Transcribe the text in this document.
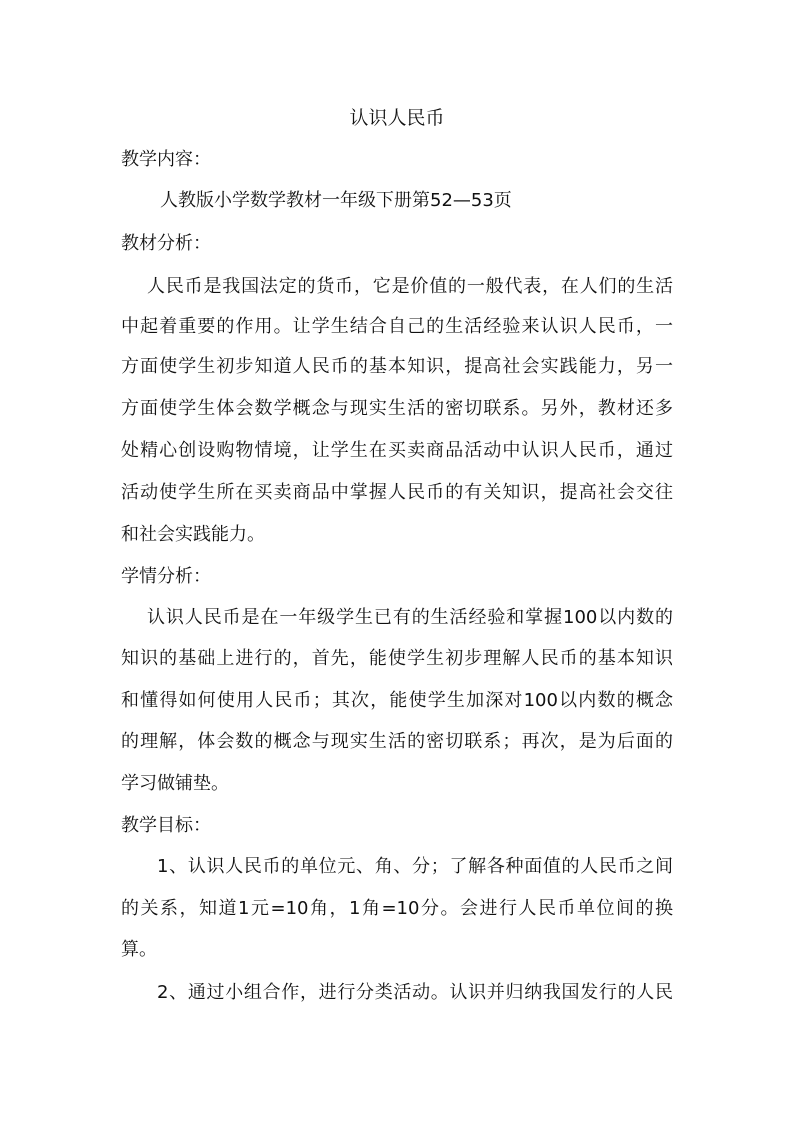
认识人民币
教学内容：
人教版小学数学教材一年级下册第52—53页
教材分析：
人民币是我国法定的货币，它是价值的一般代表，在人们的生活
中起着重要的作用。让学生结合自己的生活经验来认识人民币，一
方面使学生初步知道人民币的基本知识，提高社会实践能力，另一
方面使学生体会数学概念与现实生活的密切联系。另外，教材还多
处精心创设购物情境，让学生在买卖商品活动中认识人民币，通过
活动使学生所在买卖商品中掌握人民币的有关知识，提高社会交往
和社会实践能力。
学情分析：
认识人民币是在一年级学生已有的生活经验和掌握100以内数的
知识的基础上进行的，首先，能使学生初步理解人民币的基本知识
和懂得如何使用人民币；其次，能使学生加深对100以内数的概念
的理解，体会数的概念与现实生活的密切联系；再次，是为后面的
学习做铺垫。
教学目标：
1、认识人民币的单位元、角、分；了解各种面值的人民币之间
的关系，知道1元=10角，1角=10分。会进行人民币单位间的换
算。
2、通过小组合作，进行分类活动。认识并归纳我国发行的人民
